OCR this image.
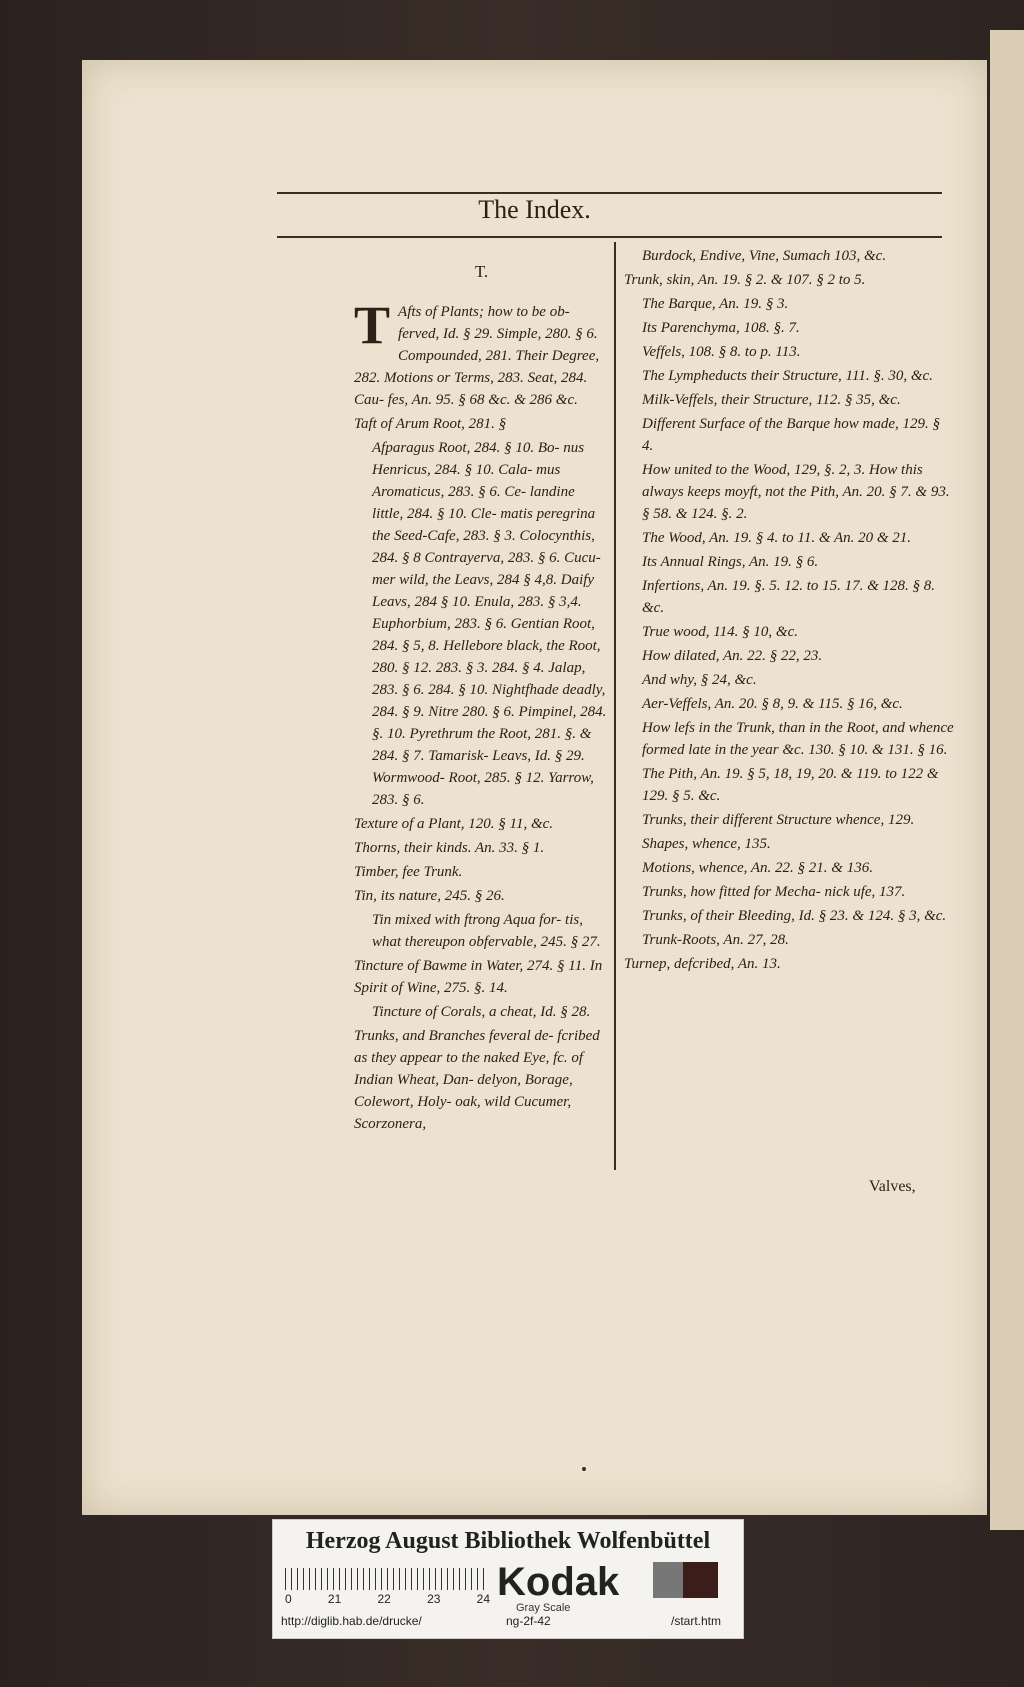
The Index.
T.
T Afts of Plants; how to be ob- ferved, Id. § 29. Simple, 280. § 6. Compounded, 281. Their Degree, 282. Motions or Terms, 283. Seat, 284. Cau- fes, An. 95. § 68 &c. & 286 &c.
Taft of Arum Root, 281. §
Afparagus Root, 284. § 10. Bo- nus Henricus, 284. § 10. Cala- mus Aromaticus, 283. § 6. Ce- landine little, 284. § 10. Cle- matis peregrina the Seed-Cafe, 283. § 3. Colocynthis, 284. § 8 Contrayerva, 283. § 6. Cucu- mer wild, the Leavs, 284 § 4,8. Daify Leavs, 284 § 10. Enula, 283. § 3,4. Euphorbium, 283. § 6. Gentian Root, 284. § 5, 8. Hellebore black, the Root, 280. § 12. 283. § 3. 284. § 4. Jalap, 283. § 6. 284. § 10. Nightfhade deadly, 284. § 9. Nitre 280. § 6. Pimpinel, 284. §. 10. Pyrethrum the Root, 281. §. & 284. § 7. Tamarisk- Leavs, Id. § 29. Wormwood- Root, 285. § 12. Yarrow, 283. § 6.
Texture of a Plant, 120. § 11, &c.
Thorns, their kinds. An. 33. § 1.
Timber, fee Trunk.
Tin, its nature, 245. § 26.
Tin mixed with ftrong Aqua for- tis, what thereupon obfervable, 245. § 27.
Tincture of Bawme in Water, 274. § 11. In Spirit of Wine, 275. §. 14.
Tincture of Corals, a cheat, Id. § 28.
Trunks, and Branches feveral de- fcribed as they appear to the naked Eye, fc. of Indian Wheat, Dan- delyon, Borage, Colewort, Holy- oak, wild Cucumer, Scorzonera,
Burdock, Endive, Vine, Sumach 103, &c.
Trunk, skin, An. 19. § 2. & 107. § 2 to 5.
The Barque, An. 19. § 3.
Its Parenchyma, 108. §. 7.
Veffels, 108. § 8. to p. 113.
The Lympheducts their Structure, 111. §. 30, &c.
Milk-Veffels, their Structure, 112. § 35, &c.
Different Surface of the Barque how made, 129. § 4.
How united to the Wood, 129, §. 2, 3. How this always keeps moyft, not the Pith, An. 20. § 7. & 93. § 58. & 124. §. 2.
The Wood, An. 19. § 4. to 11. & An. 20 & 21.
Its Annual Rings, An. 19. § 6.
Infertions, An. 19. §. 5. 12. to 15. 17. & 128. § 8. &c.
True wood, 114. § 10, &c.
How dilated, An. 22. § 22, 23.
And why, § 24, &c.
Aer-Veffels, An. 20. § 8, 9. & 115. § 16, &c.
How lefs in the Trunk, than in the Root, and whence formed late in the year &c. 130. § 10. & 131. § 16.
The Pith, An. 19. § 5, 18, 19, 20. & 119. to 122 & 129. § 5. &c.
Trunks, their different Structure whence, 129.
Shapes, whence, 135.
Motions, whence, An. 22. § 21. & 136.
Trunks, how fitted for Mecha- nick ufe, 137.
Trunks, of their Bleeding, Id. § 23. & 124. § 3, &c.
Trunk-Roots, An. 27, 28.
Turnep, defcribed, An. 13.
Valves,
Herzog August Bibliothek Wolfenbüttel
0	21	22	23	24 Kodak
Gray Scale
http://diglib.hab.de/drucke/	ng-2f-42	/start.htm
